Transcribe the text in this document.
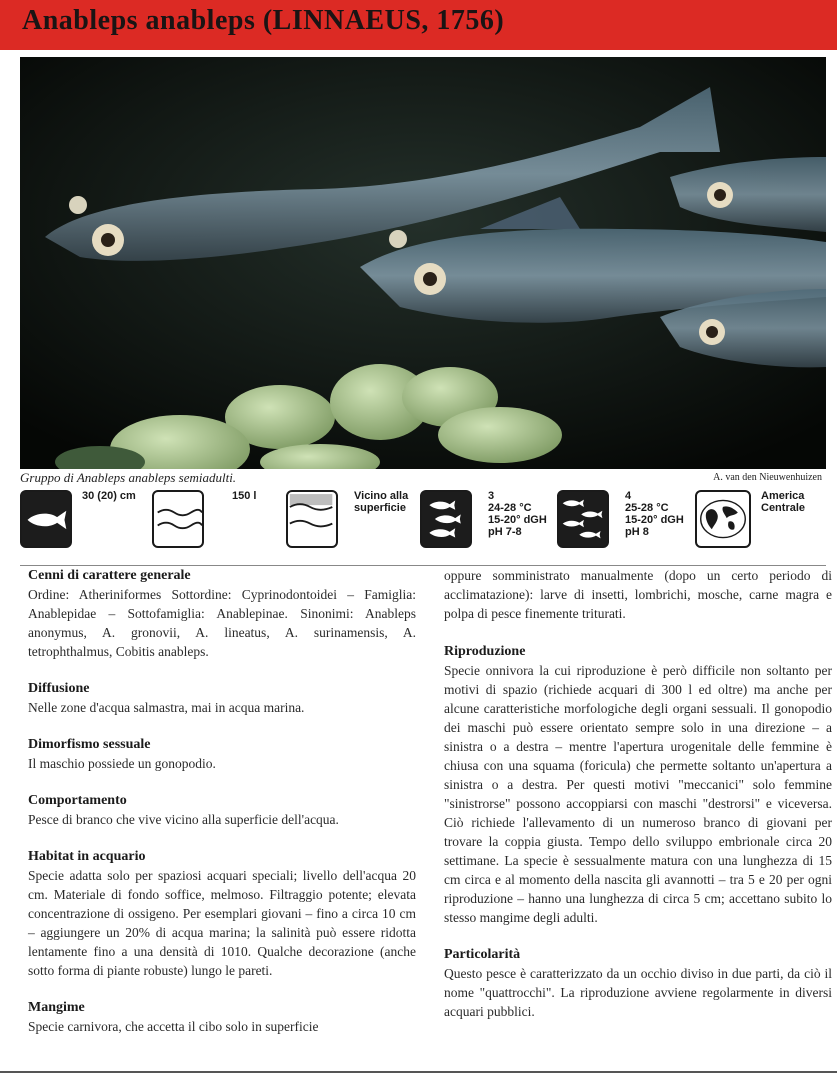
Anableps anableps (LINNAEUS, 1756)
Gruppo di Anableps anableps semiadulti.	A. van den Nieuwenhuizen
30 (20) cm	150 l	Vicino alla
superficie
3
24-28 °C
15-20° dGH
pH 7-8
4
25-28 °C
15-20° dGH
pH 8
America
Centrale
Cenni di carattere generale

Ordine: Atheriniformes Sottordine: Cyprinodontoidei – Famiglia: Anablepidae – Sottofamiglia: Anablepinae. Sinonimi: Anableps anonymus, A. gronovii, A. lineatus, A. surinamensis, A. tetrophthalmus, Cobitis anableps.

Diffusione

Nelle zone d'acqua salmastra, mai in acqua marina.

Dimorfismo sessuale

Il maschio possiede un gonopodio.

Comportamento

Pesce di branco che vive vicino alla superficie dell'acqua.

Habitat in acquario

Specie adatta solo per spaziosi acquari speciali; livello dell'acqua 20 cm. Materiale di fondo soffice, melmoso. Filtraggio potente; elevata concentrazione di ossigeno. Per esemplari giovani – fino a circa 10 cm – aggiungere un 20% di acqua marina; la salinità può essere ridotta lentamente fino a una densità di 1010. Qualche decorazione (anche sotto forma di piante robuste) lungo le pareti.

Mangime

Specie carnivora, che accetta il cibo solo in superficie

oppure somministrato manualmente (dopo un certo periodo di acclimatazione): larve di insetti, lombrichi, mosche, carne magra e polpa di pesce finemente triturati.

Riproduzione

Specie onnivora la cui riproduzione è però difficile non soltanto per motivi di spazio (richiede acquari di 300 l ed oltre) ma anche per alcune caratteristiche morfologiche degli organi sessuali. Il gonopodio dei maschi può essere orientato sempre solo in una direzione – a sinistra o a destra – mentre l'apertura urogenitale delle femmine è chiusa con una squama (foricula) che permette soltanto un'apertura a sinistra o a destra. Per questi motivi "meccanici" solo femmine "sinistrorse" possono accoppiarsi con maschi "destrorsi" e viceversa. Ciò richiede l'allevamento di un numeroso branco di giovani per trovare la coppia giusta. Tempo dello sviluppo embrionale circa 20 settimane. La specie è sessualmente matura con una lunghezza di 15 cm circa e al momento della nascita gli avannotti – tra 5 e 20 per ogni riproduzione – hanno una lunghezza di circa 5 cm; accettano subito lo stesso mangime degli adulti.

Particolarità

Questo pesce è caratterizzato da un occhio diviso in due parti, da ciò il nome "quattrocchi". La riproduzione avviene regolarmente in diversi acquari pubblici.
